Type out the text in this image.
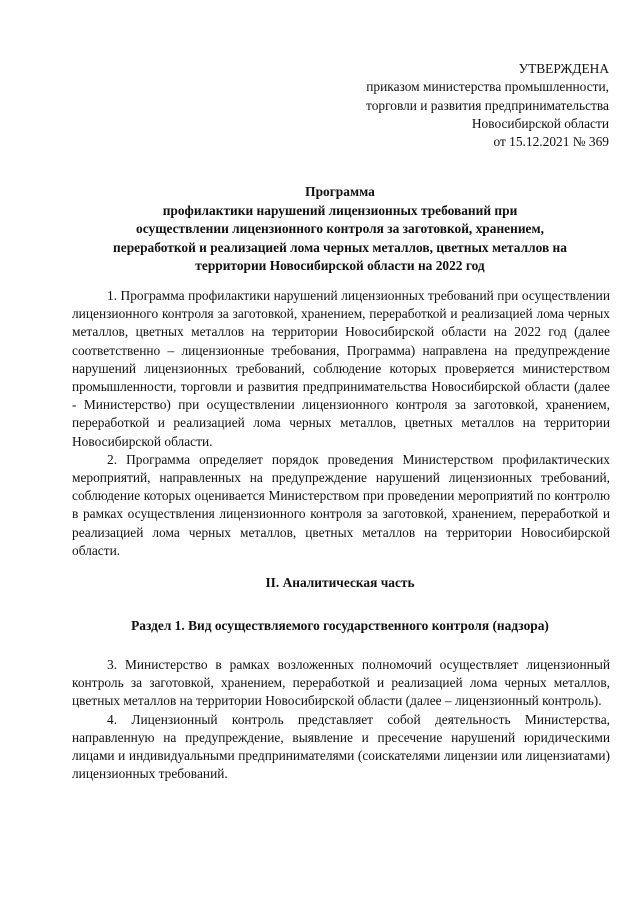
УТВЕРЖДЕНА
приказом министерства промышленности,
торговли и развития предпринимательства
Новосибирской области
от 15.12.2021 № 369
Программа
профилактики нарушений лицензионных требований при
осуществлении лицензионного контроля за заготовкой, хранением,
переработкой и реализацией лома черных металлов, цветных металлов на
территории Новосибирской области на 2022 год

1. Программа профилактики нарушений лицензионных требований при осуществлении лицензионного контроля за заготовкой, хранением, переработкой и реализацией лома черных металлов, цветных металлов на территории Новосибирской области на 2022 год (далее соответственно – лицензионные требования, Программа) направлена на предупреждение нарушений лицензионных требований, соблюдение которых проверяется министерством промышленности, торговли и развития предпринимательства Новосибирской области (далее - Министерство) при осуществлении лицензионного контроля за заготовкой, хранением, переработкой и реализацией лома черных металлов, цветных металлов на территории Новосибирской области.

2. Программа определяет порядок проведения Министерством профилактических мероприятий, направленных на предупреждение нарушений лицензионных требований, соблюдение которых оценивается Министерством при проведении мероприятий по контролю в рамках осуществления лицензионного контроля за заготовкой, хранением, переработкой и реализацией лома черных металлов, цветных металлов на территории Новосибирской области.

II. Аналитическая часть
Раздел 1. Вид осуществляемого государственного контроля (надзора)

3. Министерство в рамках возложенных полномочий осуществляет лицензионный контроль за заготовкой, хранением, переработкой и реализацией лома черных металлов, цветных металлов на территории Новосибирской области (далее – лицензионный контроль).

4. Лицензионный контроль представляет собой деятельность Министерства, направленную на предупреждение, выявление и пресечение нарушений юридическими лицами и индивидуальными предпринимателями (соискателями лицензии или лицензиатами) лицензионных требований.
